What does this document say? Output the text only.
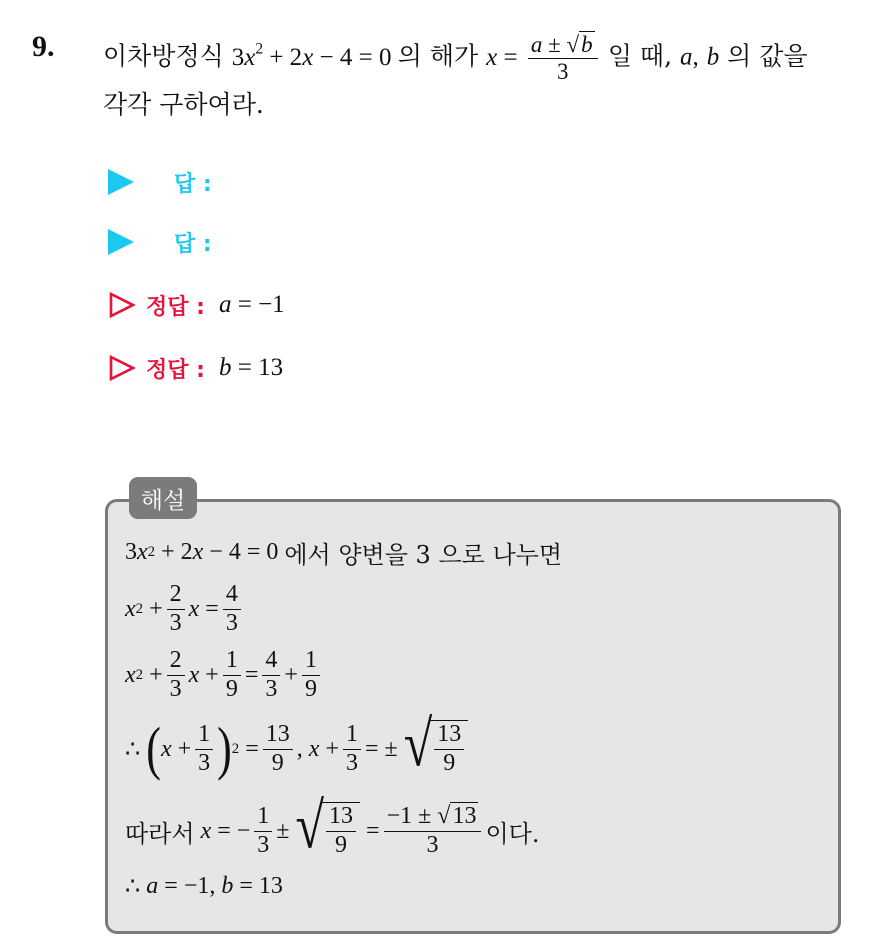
9. 이차방정식 $3x^2 + 2x - 4 = 0$ 의 해가 $x = \frac{a \pm √b}{3}$ 일 때, a, b 의 값을
각각 구하여라.
답 :
답 :
정답 : a = −1
정답 : b = 13
해설
3 x 2
+ 2 x
− 4 = 0
에서 양변을 3 으로 나누면
x 2
+ $\frac{2}{3}$ x
= $\frac{4}{3}$
x 2
+ $\frac{2}{3}$ x
+ $\frac{1}{9} = \frac{4}{3} + \frac{1}{9}$
∴
( x
+ $\frac{1}{3}$ ) 2
= $\frac{13}{9}$ ,
x
+ $\frac{1}{3}$ = ±
√ $\frac{13}{9}$
따라서
x
= − $\frac{1}{3}$ ±
√ $\frac{13}{9}$
= $\frac{-1 \pm √13}{3}$ 이다.
∴
a
= −1,
b
= 13
